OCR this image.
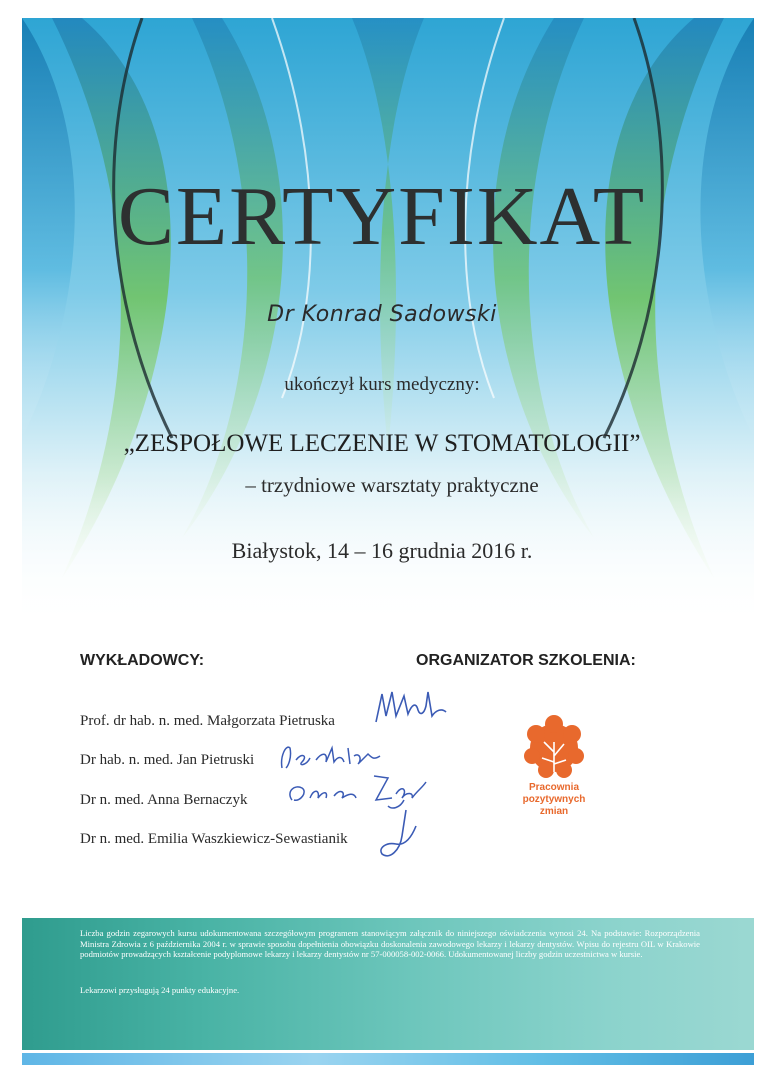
CERTYFIKAT
Dr Konrad Sadowski
ukończył kurs medyczny:
„ZESPOŁOWE LECZENIE W STOMATOLOGII”
– trzydniowe warsztaty praktyczne
Białystok, 14 – 16 grudnia 2016 r.
WYKŁADOWCY:	ORGANIZATOR SZKOLENIA:
Prof. dr hab. n. med. Małgorzata Pietruska
Dr hab. n. med. Jan Pietruski
Dr n. med. Anna Bernaczyk
Dr n. med. Emilia Waszkiewicz-Sewastianik
Pracownia
pozytywnych
zmian
Liczba godzin zegarowych kursu udokumentowana szczegółowym programem stanowiącym załącznik do niniejszego oświadczenia wynosi 24. Na podstawie: Rozporządzenia Ministra Zdrowia z 6 października 2004 r. w sprawie sposobu dopełnienia obowiązku doskonalenia zawodowego lekarzy i lekarzy dentystów. Wpisu do rejestru OIL w Krakowie podmiotów prowadzących kształcenie podyplomowe lekarzy i lekarzy dentystów nr 57-000058-002-0066. Udokumentowanej liczby godzin uczestnictwa w kursie.
Lekarzowi przysługują 24 punkty edukacyjne.
